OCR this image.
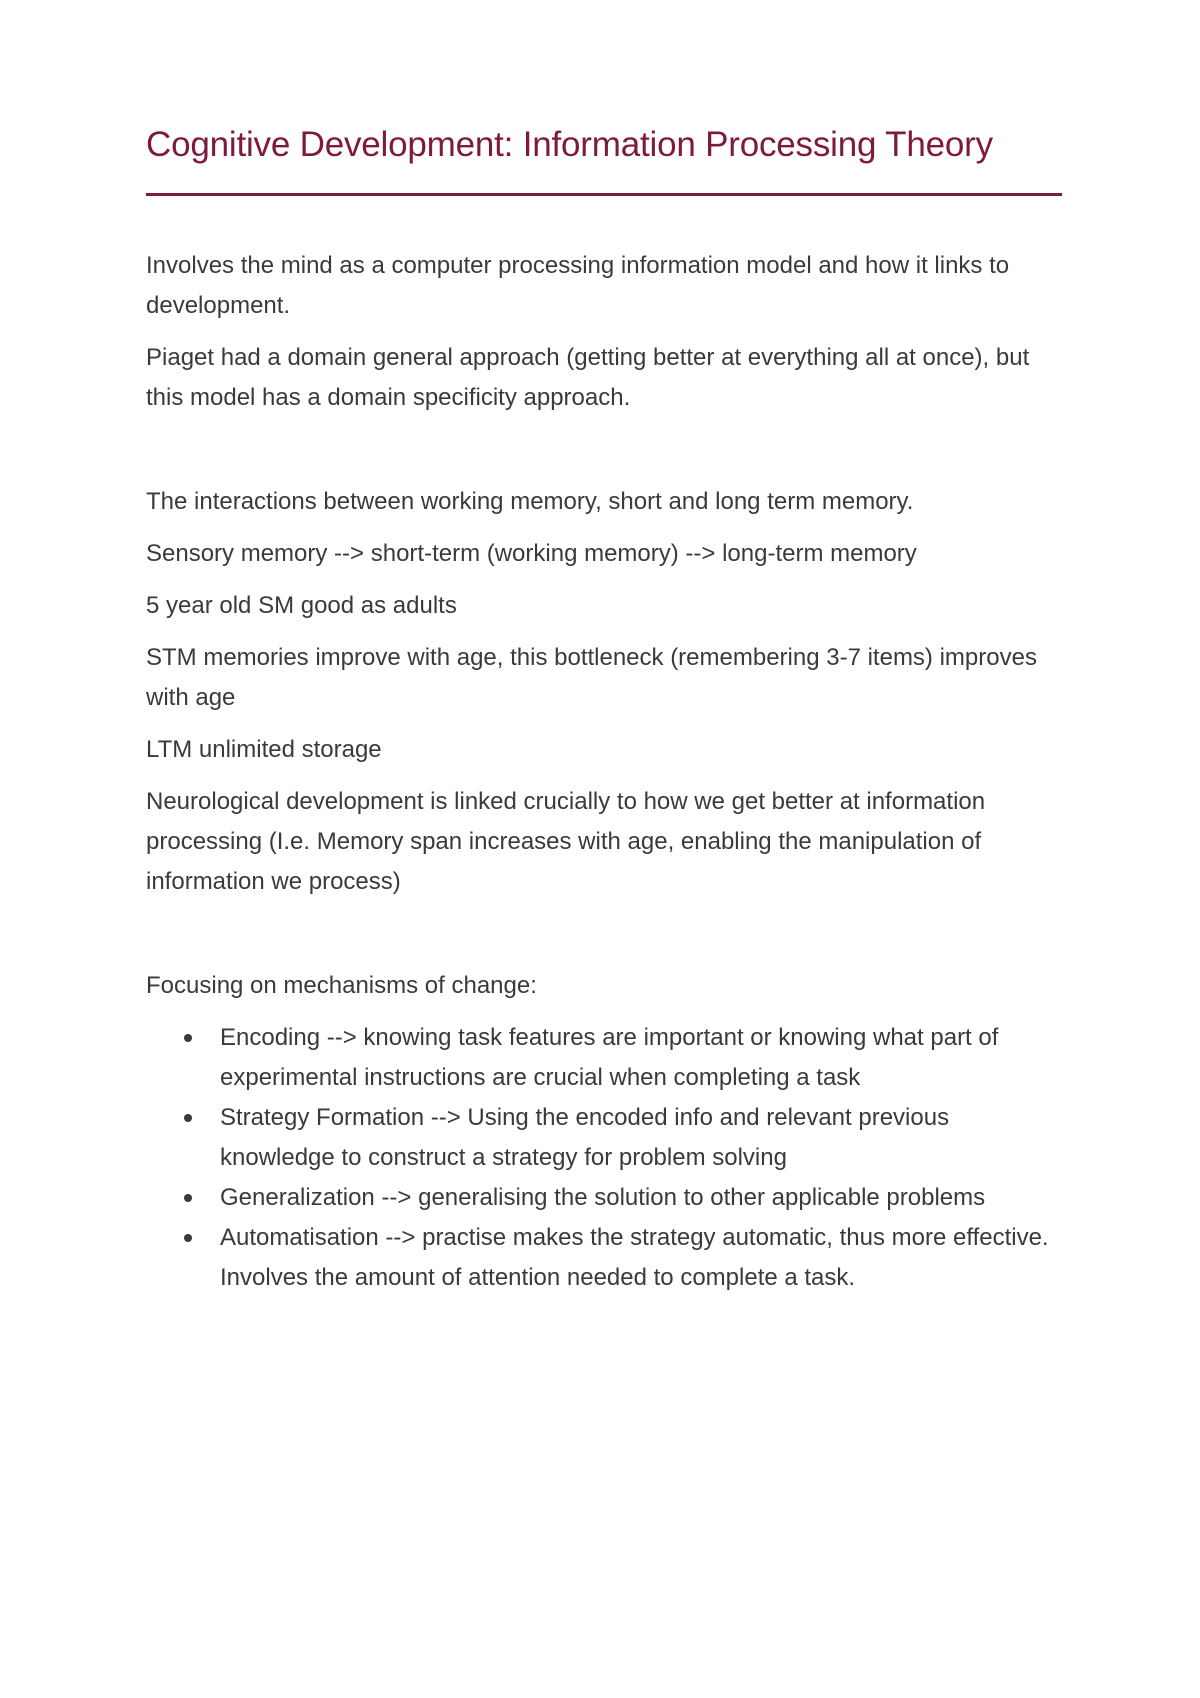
Cognitive Development: Information Processing Theory

Involves the mind as a computer processing information model and how it links to development.

Piaget had a domain general approach (getting better at everything all at once), but this model has a domain specificity approach.

The interactions between working memory, short and long term memory.

Sensory memory --> short-term (working memory) --> long-term memory

5 year old SM good as adults

STM memories improve with age, this bottleneck (remembering 3-7 items) improves with age

LTM unlimited storage

Neurological development is linked crucially to how we get better at information processing (I.e. Memory span increases with age, enabling the manipulation of information we process)

Focusing on mechanisms of change:

Encoding --> knowing task features are important or knowing what part of experimental instructions are crucial when completing a task
Strategy Formation --> Using the encoded info and relevant previous knowledge to construct a strategy for problem solving
Generalization --> generalising the solution to other applicable problems
Automatisation --> practise makes the strategy automatic, thus more effective. Involves the amount of attention needed to complete a task.
